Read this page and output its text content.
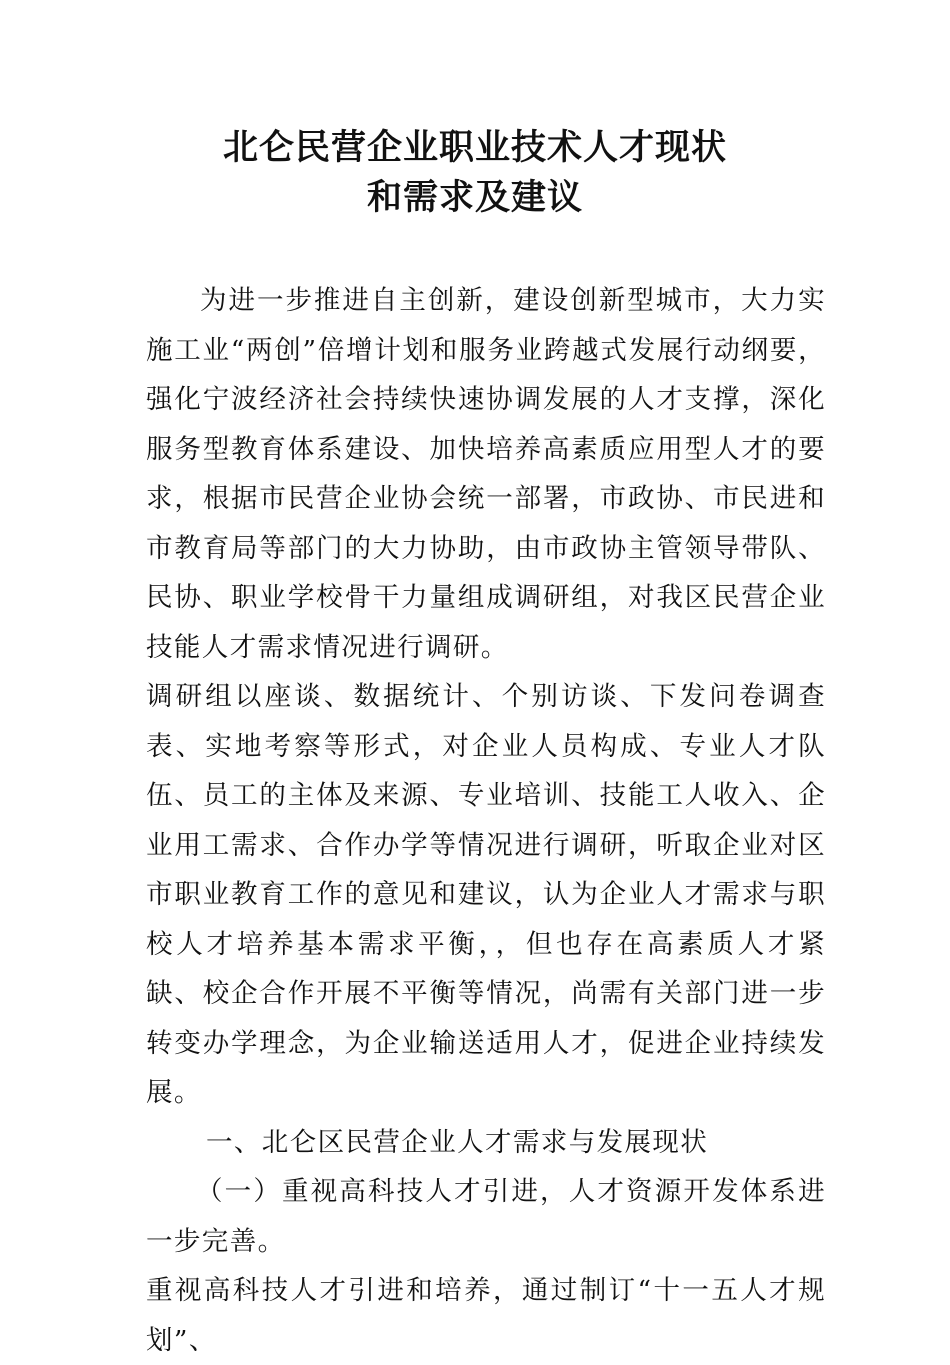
北仑民营企业职业技术人才现状
和需求及建议

为进一步推进自主创新，建设创新型城市，大力实施工业“两创”倍增计划和服务业跨越式发展行动纲要，强化宁波经济社会持续快速协调发展的人才支撑，深化服务型教育体系建设、加快培养高素质应用型人才的要求，根据市民营企业协会统一部署，市政协、市民进和市教育局等部门的大力协助，由市政协主管领导带队、民协、职业学校骨干力量组成调研组，对我区民营企业技能人才需求情况进行调研。

调研组以座谈、数据统计、个别访谈、下发问卷调查表、实地考察等形式，对企业人员构成、专业人才队伍、员工的主体及来源、专业培训、技能工人收入、企业用工需求、合作办学等情况进行调研，听取企业对区市职业教育工作的意见和建议，认为企业人才需求与职校人才培养基本需求平衡，，但也存在高素质人才紧缺、校企合作开展不平衡等情况，尚需有关部门进一步转变办学理念，为企业输送适用人才，促进企业持续发展。

一、北仑区民营企业人才需求与发展现状

（一）重视高科技人才引进，人才资源开发体系进一步完善。

重视高科技人才引进和培养，通过制订“十一五人才规划”、
